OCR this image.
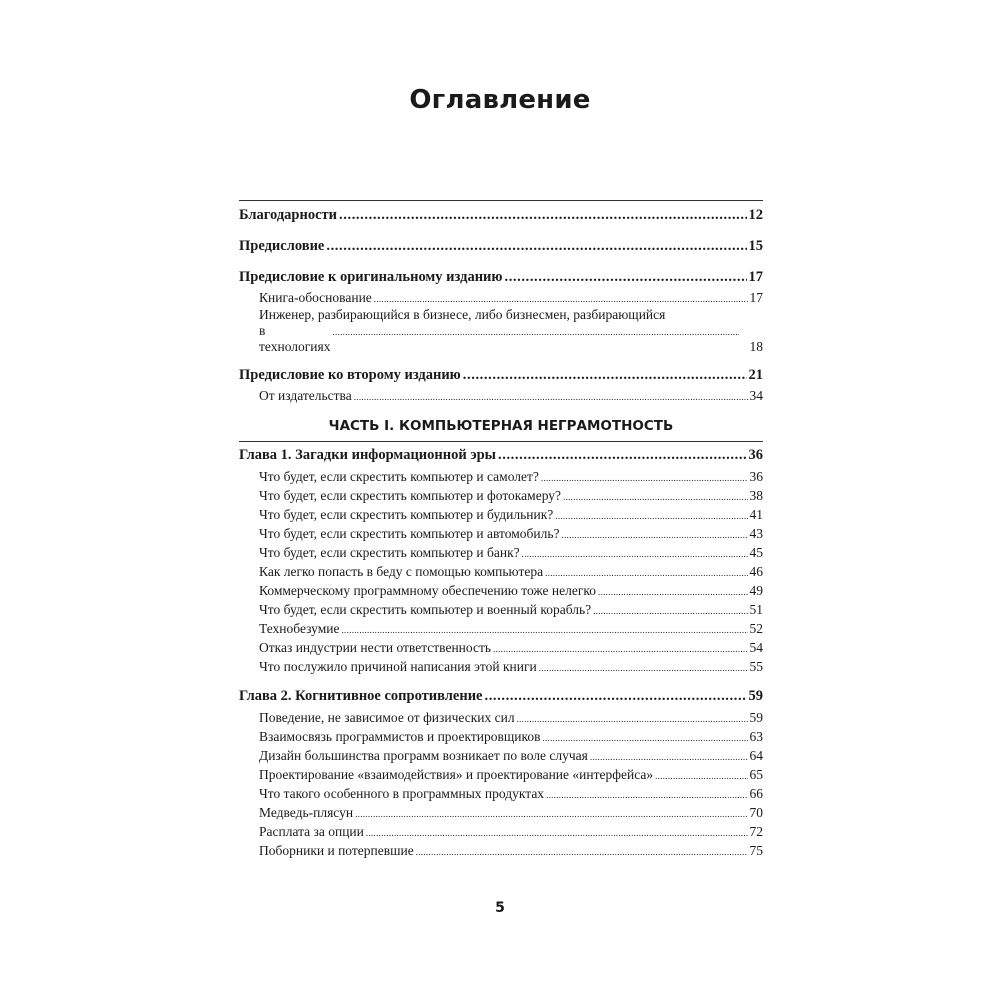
Оглавление
Благодарности .....	12
Предисловие .....	15
Предисловие к оригинальному изданию .....	17
Книга-обоснование .....	17
Инженер, разбирающийся в бизнесе, либо бизнесмен, разбирающийся
в технологиях
.....	18
Предисловие ко второму изданию .....	21
От издательства .....	34
ЧАСТЬ I. КОМПЬЮТЕРНАЯ НЕГРАМОТНОСТЬ
Глава 1. Загадки информационной эры .....	36
Что будет, если скрестить компьютер и самолет? .....	36
Что будет, если скрестить компьютер и фотокамеру? .....	38
Что будет, если скрестить компьютер и будильник? .....	41
Что будет, если скрестить компьютер и автомобиль? .....	43
Что будет, если скрестить компьютер и банк? .....	45
Как легко попасть в беду с помощью компьютера .....	46
Коммерческому программному обеспечению тоже нелегко .....	49
Что будет, если скрестить компьютер и военный корабль? .....	51
Технобезумие .....	52
Отказ индустрии нести ответственность .....	54
Что послужило причиной написания этой книги .....	55
Глава 2. Когнитивное сопротивление .....	59
Поведение, не зависимое от физических сил .....	59
Взаимосвязь программистов и проектировщиков .....	63
Дизайн большинства программ возникает по воле случая .....	64
Проектирование «взаимодействия» и проектирование «интерфейса» .....	65
Что такого особенного в программных продуктах .....	66
Медведь-плясун .....	70
Расплата за опции .....	72
Поборники и потерпевшие .....	75
5
